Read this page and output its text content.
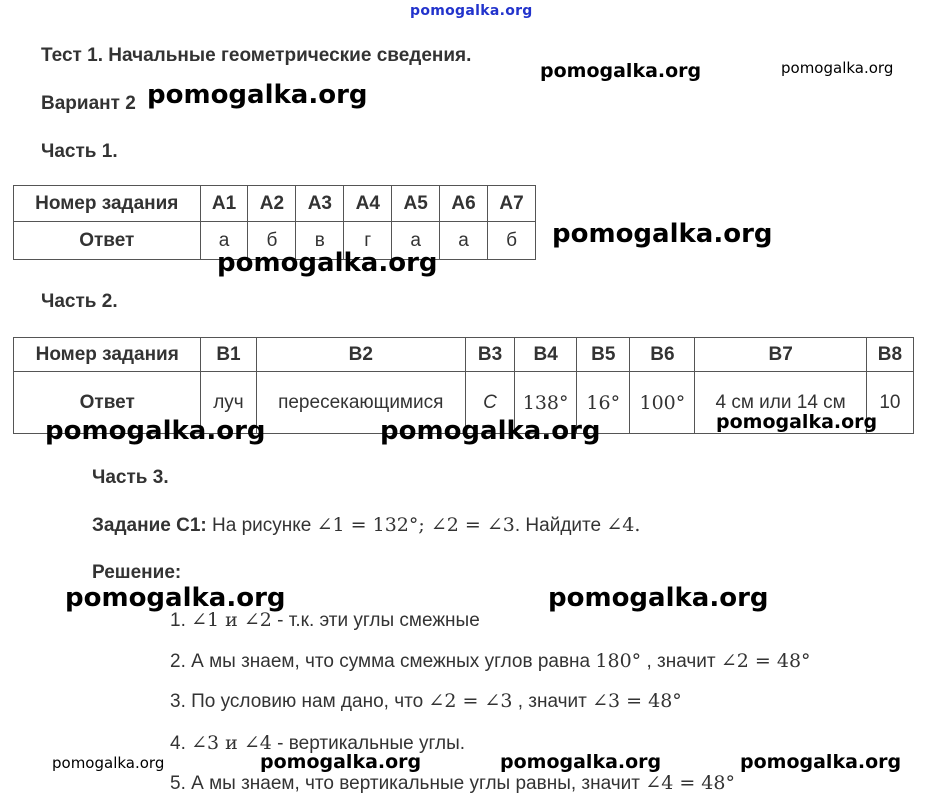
pomogalka.org
Тест 1. Начальные геометрические сведения.
Вариант 2
Часть 1.
Номер задания	А1	А2	А3	А4	А5	А6	А7
Ответ	а	б	в	г	а	а	б
Часть 2.
Номер задания	В1	В2	В3	В4	В5	В6	В7	В8
Ответ	луч	пересекающимися	C	138°	16°	100°	4 см или 14 см	10
Часть 3.
Задание С1: На рисунке ∠1 = 132°; ∠2 = ∠3. Найдите ∠4.
Решение:
1. ∠1 и ∠2 - т.к. эти углы смежные
2. А мы знаем, что сумма смежных углов равна 180° , значит ∠2 = 48°
3. По условию нам дано, что ∠2 = ∠3 , значит ∠3 = 48°
4. ∠3 и ∠4 - вертикальные углы.
5. А мы знаем, что вертикальные углы равны, значит ∠4 = 48°
pomogalka.org	pomogalka.org
pomogalka.org
pomogalka.org
pomogalka.org
pomogalka.org	pomogalka.org	pomogalka.org
pomogalka.org	pomogalka.org
pomogalka.org	pomogalka.org	pomogalka.org	pomogalka.org
